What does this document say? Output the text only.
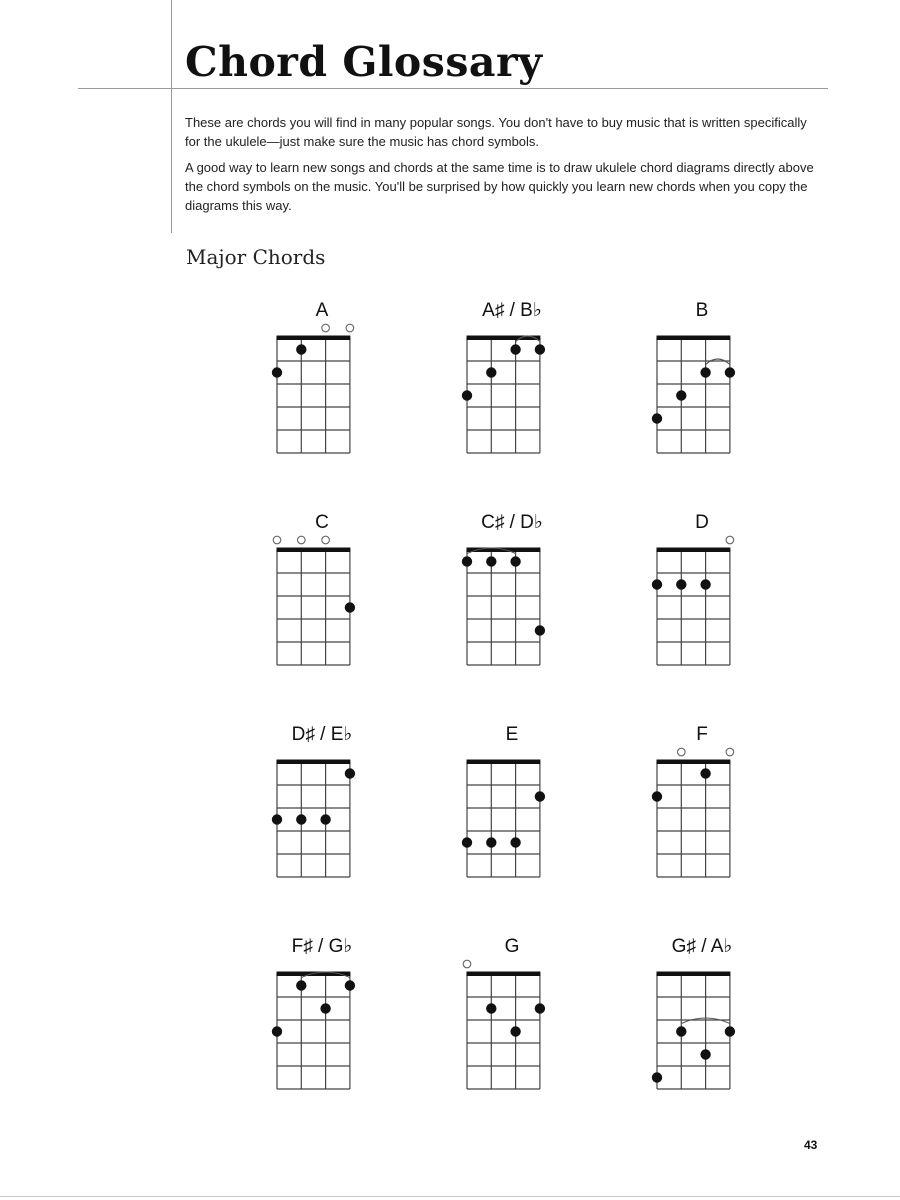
Chord Glossary

These are chords you will find in many popular songs. You don't have to buy music that is written specifically for the ukulele—just make sure the music has chord symbols.

A good way to learn new songs and chords at the same time is to draw ukulele chord diagrams directly above the chord symbols on the music. You'll be surprised by how quickly you learn new chords when you copy the diagrams this way.

Major Chords
A	A♯ / B♭	B
C	C♯ / D♭	D
D♯ / E♭	E	F
F♯ / G♭	G	G♯ / A♭
43
